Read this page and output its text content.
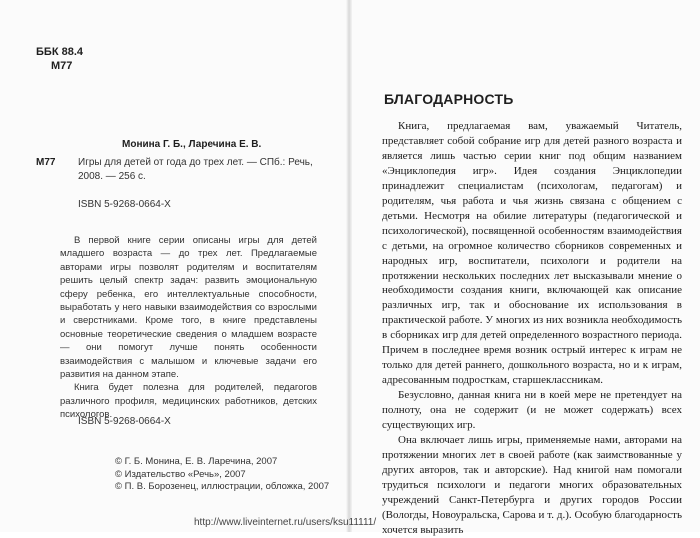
ББК 88.4
М77
Монина Г. Б., Ларечина Е. В.
М77 Игры для детей от года до трех лет. — СПб.: Речь, 2008. — 256 с.
ISBN 5-9268-0664-Х

В первой книге серии описаны игры для детей младшего возраста — до трех лет. Предлагаемые авторами игры позволят родителям и воспитателям решить целый спектр задач: развить эмоциональную сферу ребенка, его интеллектуальные способности, выработать у него навыки взаимодействия со взрослыми и сверстниками. Кроме того, в книге представлены основные теоретические сведения о младшем возрасте — они помогут лучше понять особенности взаимодействия с малышом и ключевые задачи его развития на данном этапе.

Книга будет полезна для родителей, педагогов различного профиля, медицинских работников, детских психологов.

ISBN 5-9268-0664-Х
© Г. Б. Монина, Е. В. Ларечина, 2007
© Издательство «Речь», 2007
© П. В. Борозенец, иллюстрации, обложка, 2007
БЛАГОДАРНОСТЬ

Книга, предлагаемая вам, уважаемый Читатель, представляет собой собрание игр для детей разного возраста и является лишь частью серии книг под общим названием «Энциклопедия игр». Идея создания Энциклопедии принадлежит специалистам (психологам, педагогам) и родителям, чья работа и чья жизнь связана с общением с детьми. Несмотря на обилие литературы (педагогической и психологической), посвященной особенностям взаимодействия с детьми, на огромное количество сборников современных и народных игр, воспитатели, психологи и родители на протяжении нескольких последних лет высказывали мнение о необходимости создания книги, включающей как описание различных игр, так и обоснование их использования в практической работе. У многих из них возникла необходимость в сборниках игр для детей определенного возрастного периода. Причем в последнее время возник острый интерес к играм не только для детей раннего, дошкольного возраста, но и к играм, адресованным подросткам, старшеклассникам.

Безусловно, данная книга ни в коей мере не претендует на полноту, она не содержит (и не может содержать) всех существующих игр.

Она включает лишь игры, применяемые нами, авторами на протяжении многих лет в своей работе (как заимствованные у других авторов, так и авторские). Над книгой нам помогали трудиться психологи и педагоги многих образовательных учреждений Санкт-Петербурга и других городов России (Вологды, Новоуральска, Сарова и т. д.). Особую благодарность хочется выразить

http://www.liveinternet.ru/users/ksu11111/
